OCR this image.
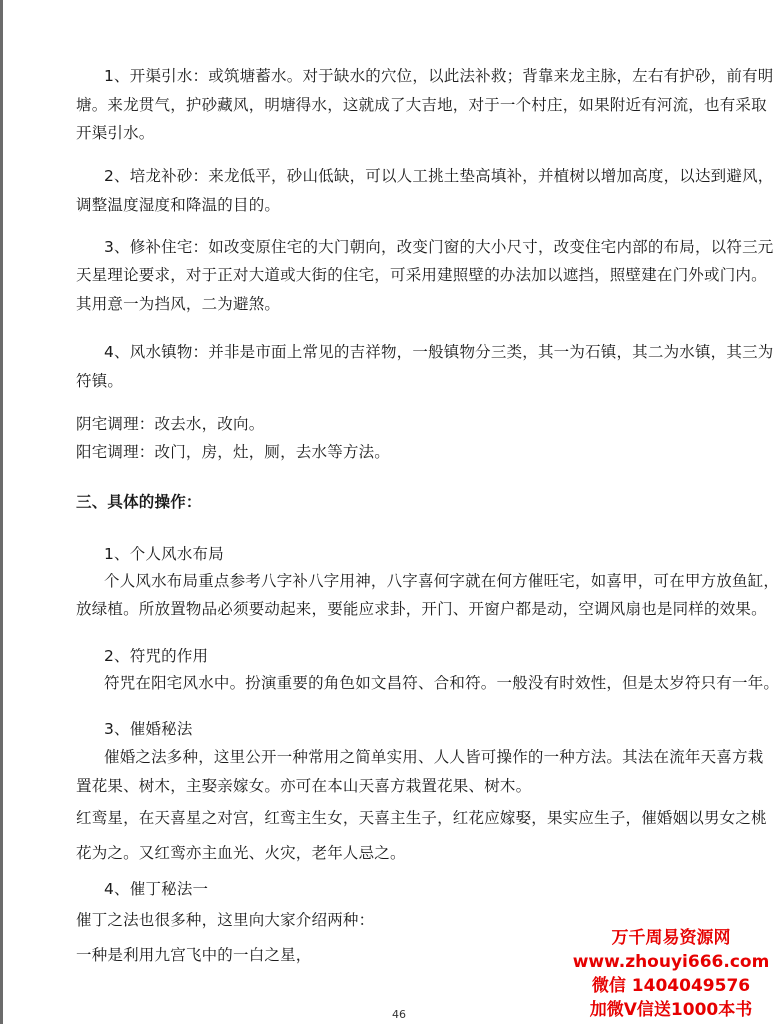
1、开渠引水：或筑塘蓄水。对于缺水的穴位，以此法补救；背靠来龙主脉，左右有护砂，前有明
塘。来龙贯气，护砂藏风，明塘得水，这就成了大吉地，对于一个村庄，如果附近有河流，也有采取
开渠引水。
2、培龙补砂：来龙低平，砂山低缺，可以人工挑土垫高填补，并植树以增加高度，以达到避风，
调整温度湿度和降温的目的。
3、修补住宅：如改变原住宅的大门朝向，改变门窗的大小尺寸，改变住宅内部的布局，以符三元
天星理论要求，对于正对大道或大街的住宅，可采用建照壁的办法加以遮挡，照壁建在门外或门内。
其用意一为挡风，二为避煞。
4、风水镇物：并非是市面上常见的吉祥物，一般镇物分三类，其一为石镇，其二为水镇，其三为
符镇。
阴宅调理：改去水，改向。
阳宅调理：改门，房，灶，厕，去水等方法。
三、具体的操作：
1、个人风水布局
个人风水布局重点参考八字补八字用神，八字喜何字就在何方催旺宅，如喜甲，可在甲方放鱼缸，
放绿植。所放置物品必须要动起来，要能应求卦，开门、开窗户都是动，空调风扇也是同样的效果。
2、符咒的作用
符咒在阳宅风水中。扮演重要的角色如文昌符、合和符。一般没有时效性，但是太岁符只有一年。
3、催婚秘法
催婚之法多种，这里公开一种常用之简单实用、人人皆可操作的一种方法。其法在流年天喜方栽
置花果、树木，主娶亲嫁女。亦可在本山天喜方栽置花果、树木。
红鸾星，在天喜星之对宫，红鸾主生女，天喜主生子，红花应嫁娶，果实应生子，催婚姻以男女之桃
花为之。又红鸾亦主血光、火灾，老年人忌之。
4、催丁秘法一
催丁之法也很多种，这里向大家介绍两种：
一种是利用九宫飞中的一白之星，
46
万千周易资源网
www.zhouyi666.com
微信 1404049576
加微V信送1000本书
